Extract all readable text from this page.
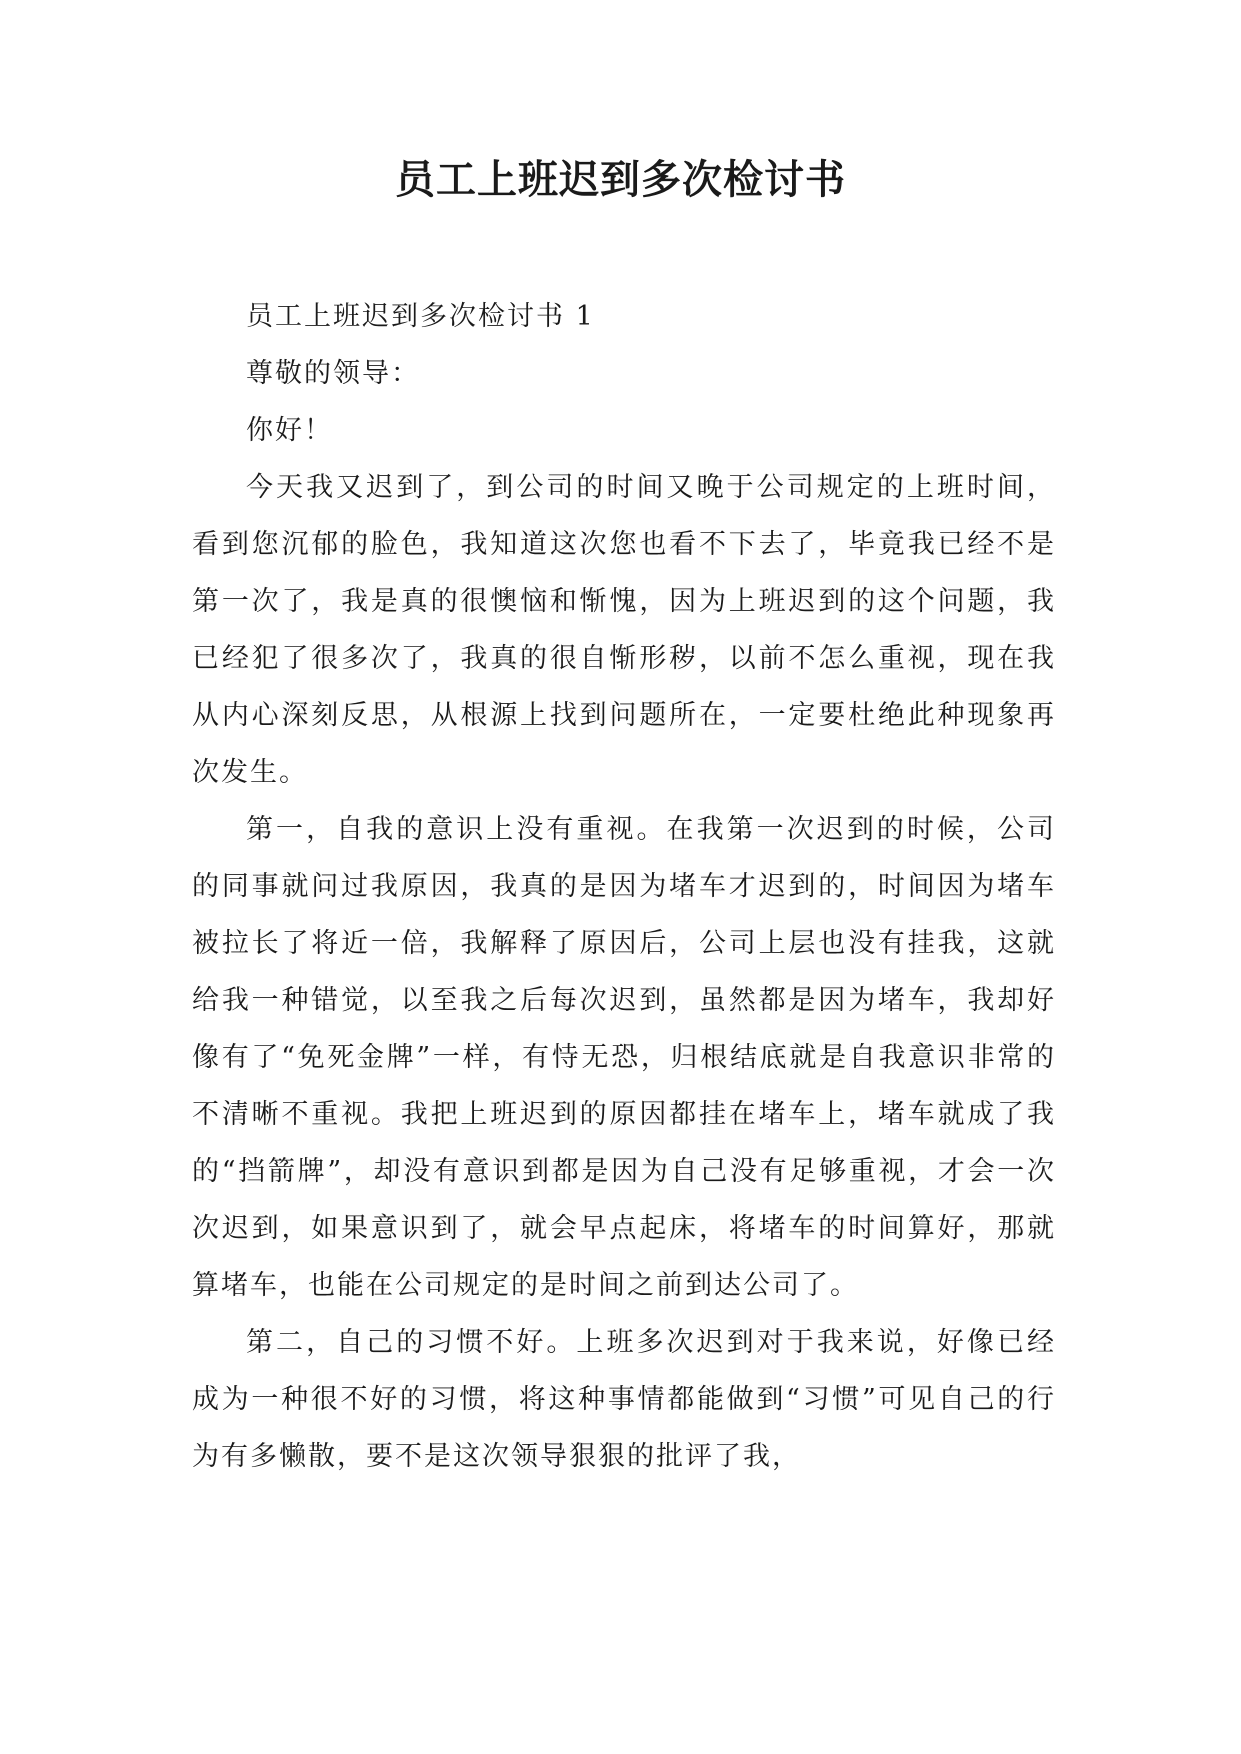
员工上班迟到多次检讨书

员工上班迟到多次检讨书 1

尊敬的领导：

你好！

今天我又迟到了，到公司的时间又晚于公司规定的上班时间，看到您沉郁的脸色，我知道这次您也看不下去了，毕竟我已经不是第一次了，我是真的很懊恼和惭愧，因为上班迟到的这个问题，我已经犯了很多次了，我真的很自惭形秽，以前不怎么重视，现在我从内心深刻反思，从根源上找到问题所在，一定要杜绝此种现象再次发生。

第一，自我的意识上没有重视。在我第一次迟到的时候，公司的同事就问过我原因，我真的是因为堵车才迟到的，时间因为堵车被拉长了将近一倍，我解释了原因后，公司上层也没有挂我，这就给我一种错觉，以至我之后每次迟到，虽然都是因为堵车，我却好像有了“免死金牌”一样，有恃无恐，归根结底就是自我意识非常的不清晰不重视。我把上班迟到的原因都挂在堵车上，堵车就成了我的“挡箭牌”，却没有意识到都是因为自己没有足够重视，才会一次次迟到，如果意识到了，就会早点起床，将堵车的时间算好，那就算堵车，也能在公司规定的是时间之前到达公司了。

第二，自己的习惯不好。上班多次迟到对于我来说，好像已经成为一种很不好的习惯，将这种事情都能做到“习惯”可见自己的行为有多懒散，要不是这次领导狠狠的批评了我，
